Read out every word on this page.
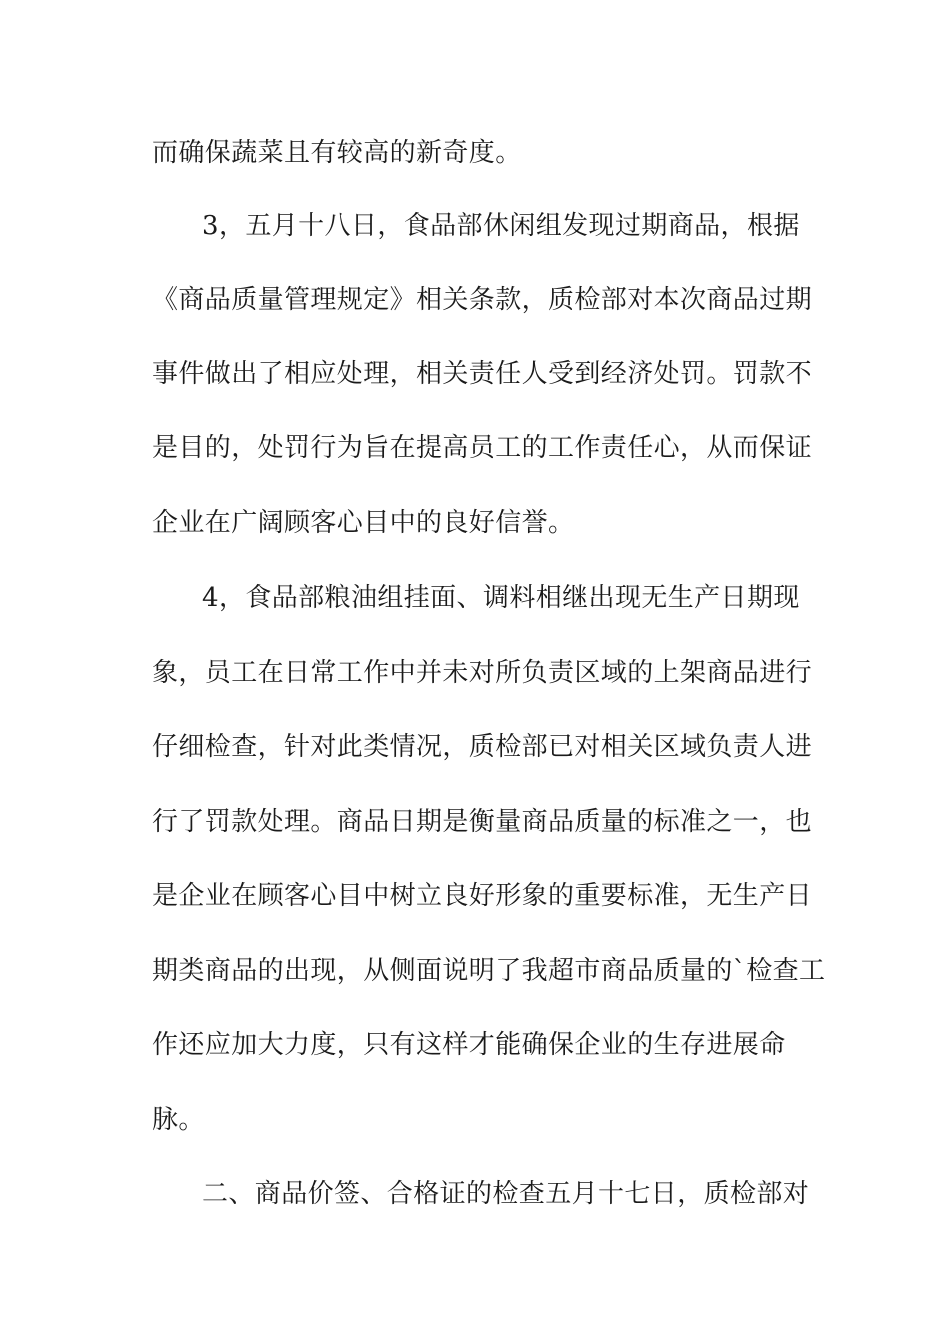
而确保蔬菜且有较高的新奇度。
3，五月十八日，食品部休闲组发现过期商品，根据
《商品质量管理规定》相关条款，质检部对本次商品过期
事件做出了相应处理，相关责任人受到经济处罚。罚款不
是目的，处罚行为旨在提高员工的工作责任心，从而保证
企业在广阔顾客心目中的良好信誉。
4，食品部粮油组挂面、调料相继出现无生产日期现
象，员工在日常工作中并未对所负责区域的上架商品进行
仔细检查，针对此类情况，质检部已对相关区域负责人进
行了罚款处理。商品日期是衡量商品质量的标准之一，也
是企业在顾客心目中树立良好形象的重要标准，无生产日
期类商品的出现，从侧面说明了我超市商品质量的`检查工
作还应加大力度，只有这样才能确保企业的生存进展命
脉。
二、商品价签、合格证的检查五月十七日，质检部对
